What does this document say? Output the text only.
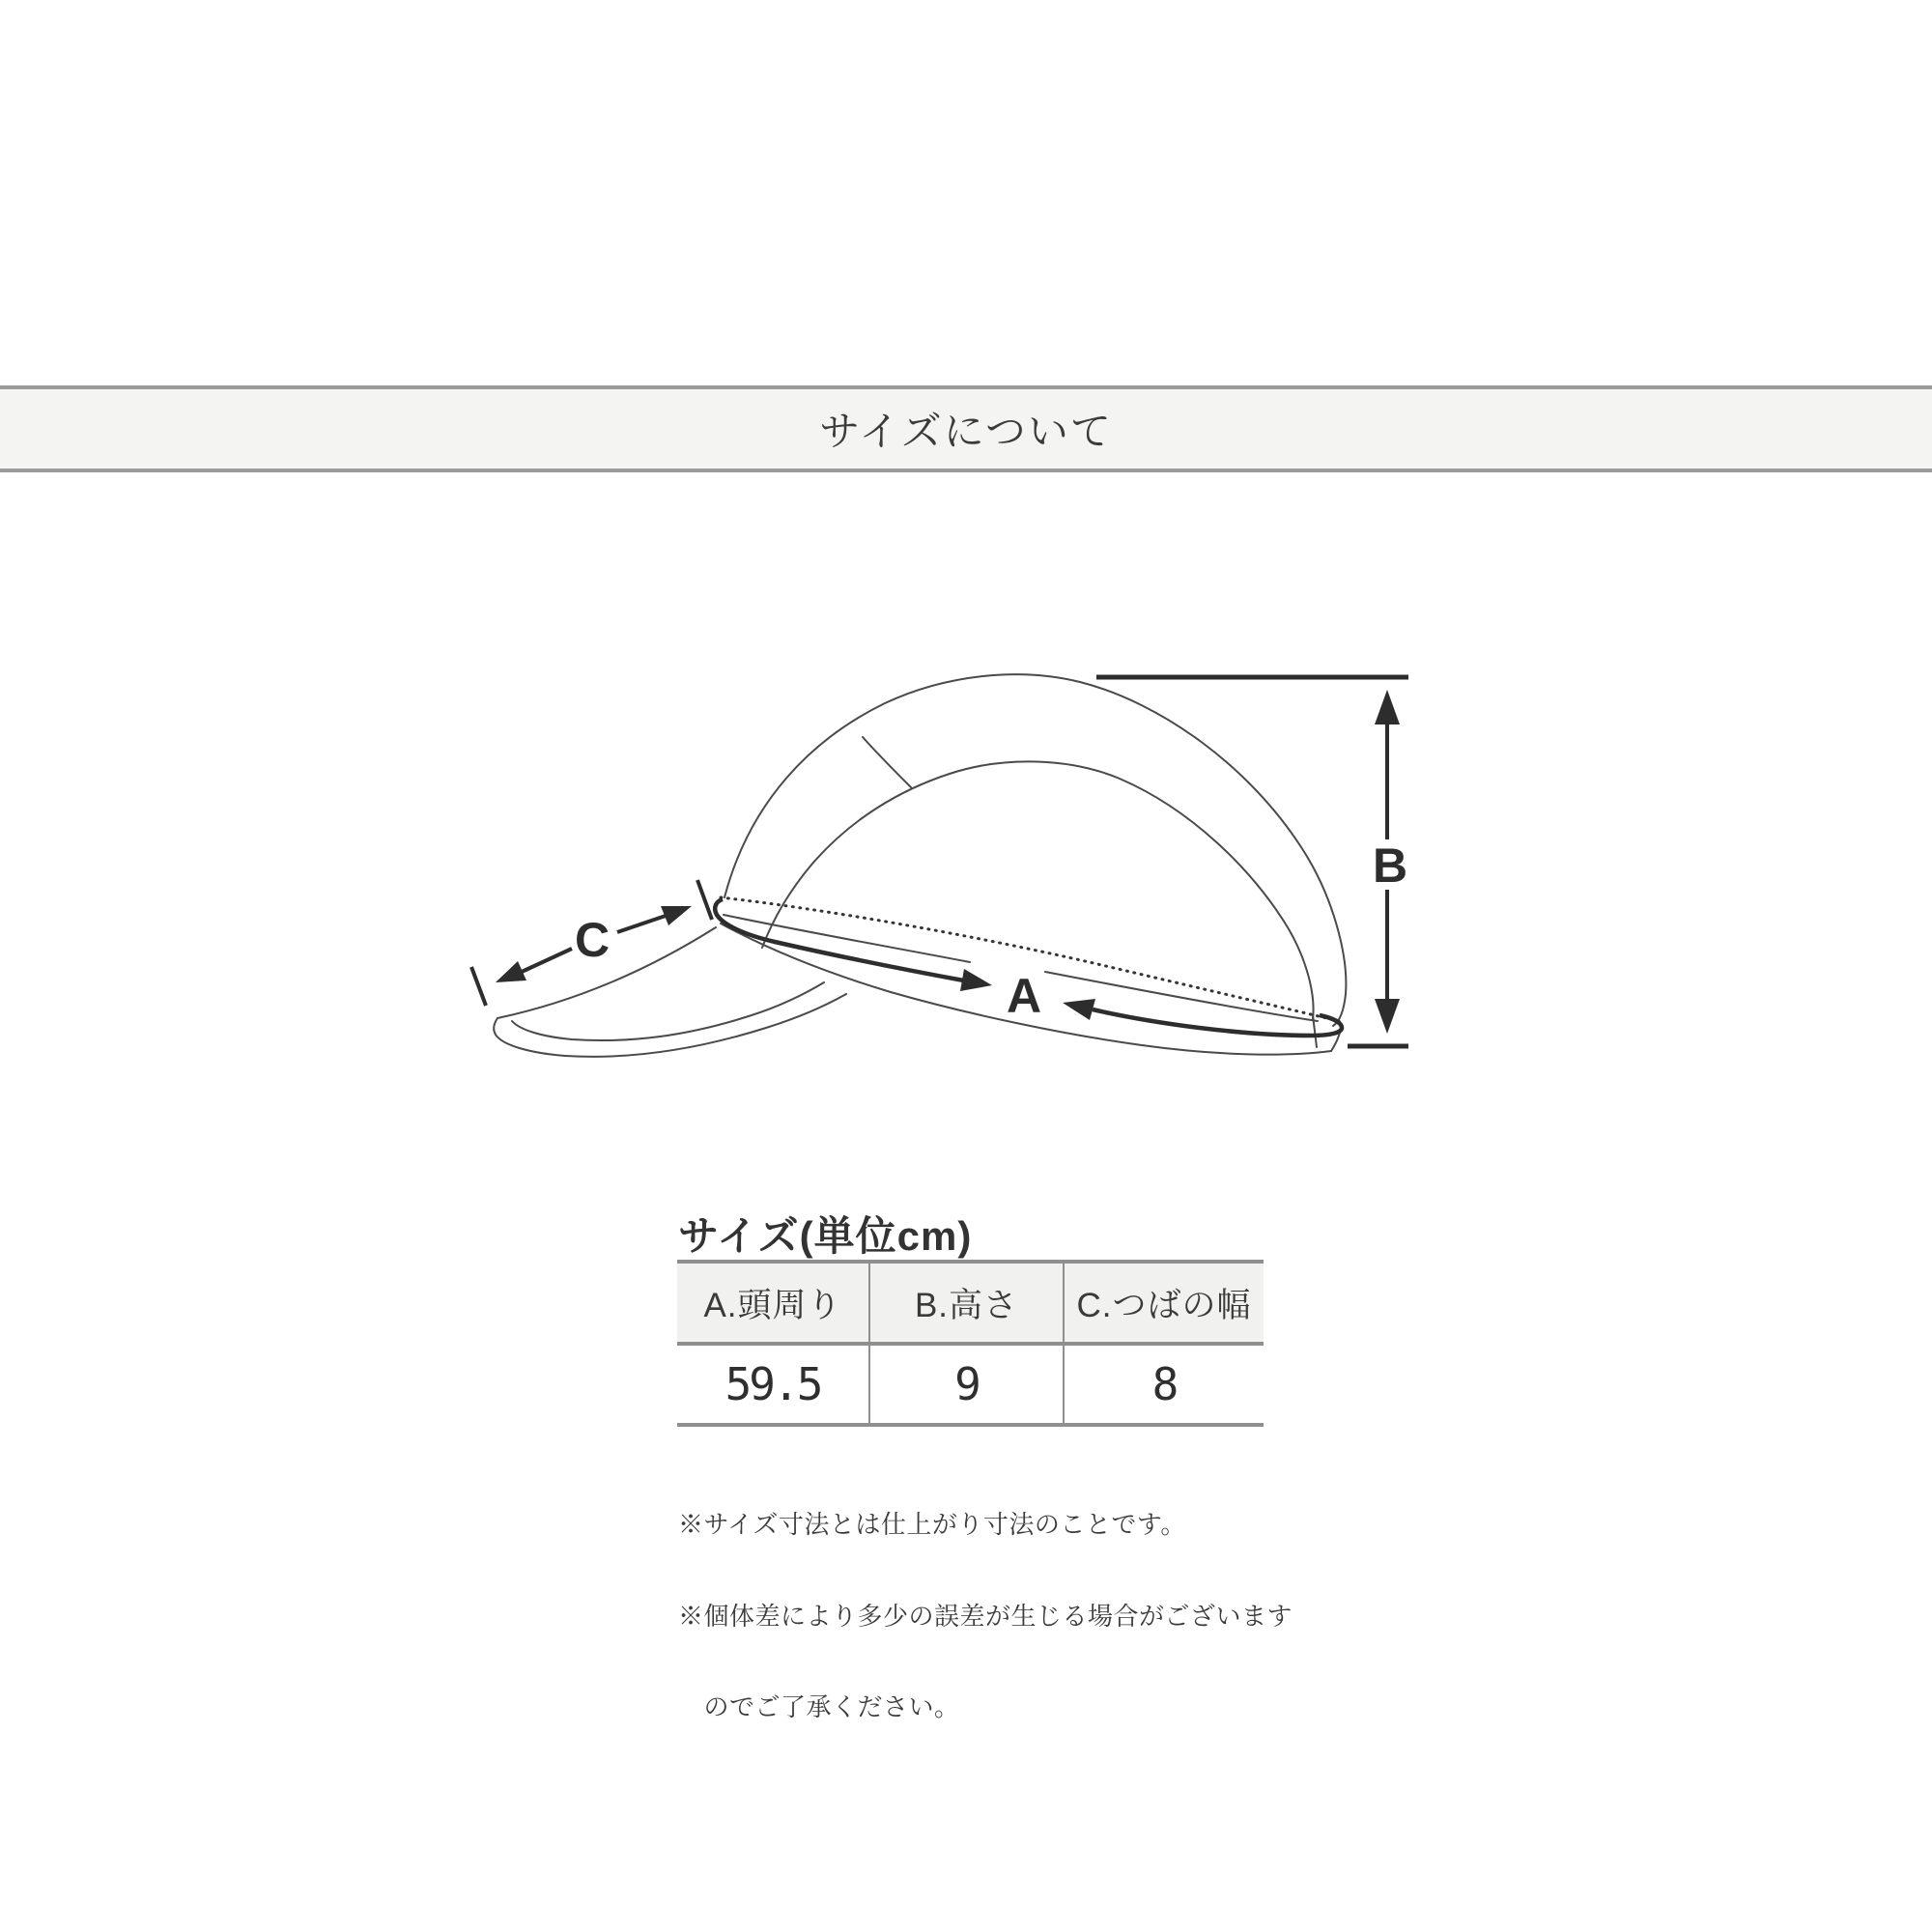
サイズについて
A
B
C
サイズ(単位cm)
A.頭周り	B.高さ	C.つばの幅
59.5	9	8

※サイズ寸法とは仕上がり寸法のことです。

※個体差により多少の誤差が生じる場合がございます

　のでご了承ください。
